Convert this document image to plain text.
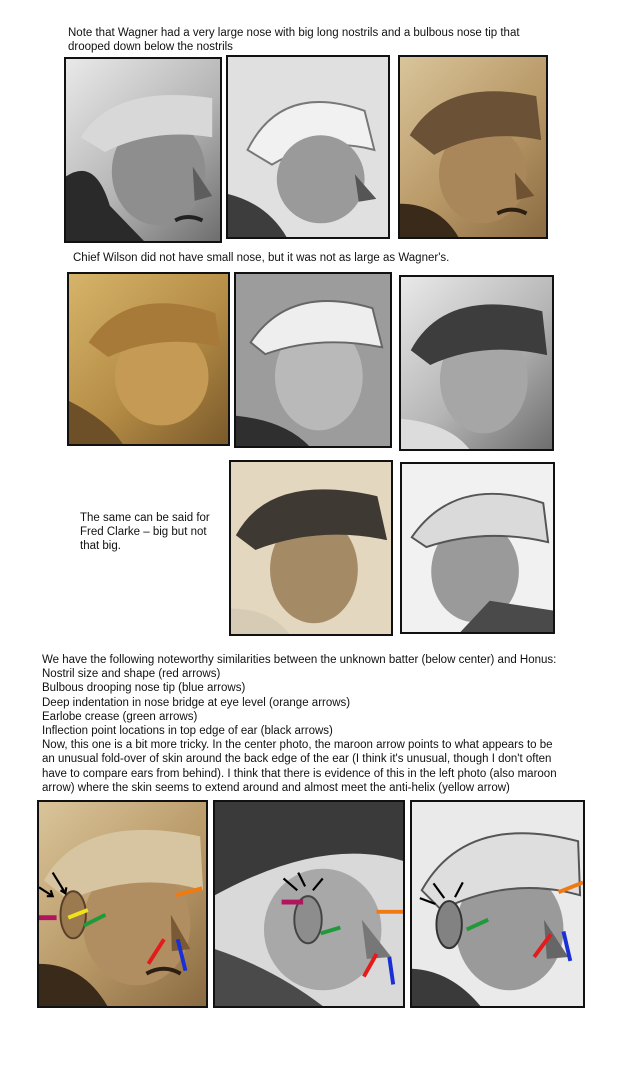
Note that Wagner had a very large nose with big long nostrils and a bulbous nose tip that drooped down below the nostrils
Chief Wilson did not have small nose, but it was not as large as Wagner's.
The same can be said for Fred Clarke – big but not that big.
We have the following noteworthy similarities between the unknown batter (below center) and Honus:
Nostril size and shape (red arrows)
Bulbous drooping nose tip (blue arrows)
Deep indentation in nose bridge at eye level (orange arrows)
Earlobe crease (green arrows)
Inflection point locations in top edge of ear (black arrows)
Now, this one is a bit more tricky. In the center photo, the maroon arrow points to what appears to be
an unusual fold-over of skin around the back edge of the ear (I think it's unusual, though I don't often
have to compare ears from behind). I think that there is evidence of this in the left photo (also maroon
arrow) where the skin seems to extend around and almost meet the anti-helix (yellow arrow)
